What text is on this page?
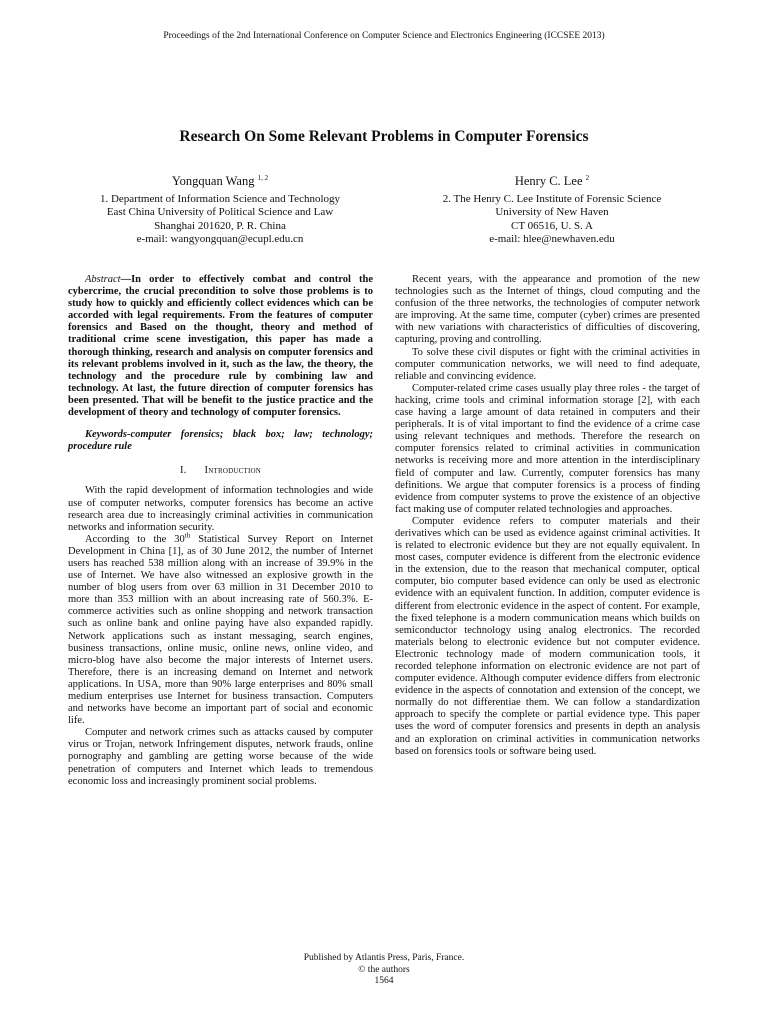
Proceedings of the 2nd International Conference on Computer Science and Electronics Engineering (ICCSEE 2013)
Research On Some Relevant Problems in Computer Forensics
Yongquan Wang $^{1, 2}$
1. Department of Information Science and Technology
East China University of Political Science and Law
Shanghai 201620, P. R. China
e-mail: wangyongquan@ecupl.edu.cn
Henry C. Lee $^2$
2. The Henry C. Lee Institute of Forensic Science
University of New Haven
CT 06516, U. S. A
e-mail: hlee@newhaven.edu

Abstract—In order to effectively combat and control the cybercrime, the crucial precondition to solve those problems is to study how to quickly and efficiently collect evidences which can be accorded with legal requirements. From the features of computer forensics and Based on the thought, theory and method of traditional crime scene investigation, this paper has made a thorough thinking, research and analysis on computer forensics and its relevant problems involved in it, such as the law, the theory, the technology and the procedure rule by combining law and technology. At last, the future direction of computer forensics has been presented. That will be benefit to the justice practice and the development of theory and technology of computer forensics.

Keywords-computer forensics; black box; law; technology; procedure rule

I. Introduction

With the rapid development of information technologies and wide use of computer networks, computer forensics has become an active research area due to increasingly criminal activities in communication networks and information security.

According to the 30th Statistical Survey Report on Internet Development in China [1], as of 30 June 2012, the number of Internet users has reached 538 million along with an increase of 39.9% in the use of Internet. We have also witnessed an explosive growth in the number of blog users from over 63 million in 31 December 2010 to more than 353 million with an about increasing rate of 560.3%. E-commerce activities such as online shopping and network transaction such as online bank and online paying have also expanded rapidly. Network applications such as instant messaging, search engines, business transactions, online music, online news, online video, and micro-blog have also become the major interests of Internet users. Therefore, there is an increasing demand on Internet and network applications. In USA, more than 90% large enterprises and 80% small medium enterprises use Internet for business transaction. Computers and networks have become an important part of social and economic life.

Computer and network crimes such as attacks caused by computer virus or Trojan, network Infringement disputes, network frauds, online pornography and gambling are getting worse because of the wide penetration of computers and Internet which leads to tremendous economic loss and increasingly prominent social problems.

Recent years, with the appearance and promotion of the new technologies such as the Internet of things, cloud computing and the confusion of the three networks, the technologies of computer network are improving. At the same time, computer (cyber) crimes are presented with new variations with characteristics of difficulties of discovering, capturing, proving and controlling.

To solve these civil disputes or fight with the criminal activities in computer communication networks, we will need to find adequate, reliable and convincing evidence.

Computer-related crime cases usually play three roles - the target of hacking, crime tools and criminal information storage [2], with each case having a large amount of data retained in computers and their peripherals. It is of vital important to find the evidence of a crime case using relevant techniques and methods. Therefore the research on computer forensics related to criminal activities in communication networks is receiving more and more attention in the interdisciplinary field of computer and law. Currently, computer forensics has many definitions. We argue that computer forensics is a process of finding evidence from computer systems to prove the existence of an objective fact making use of computer related technologies and approaches.

Computer evidence refers to computer materials and their derivatives which can be used as evidence against criminal activities. It is related to electronic evidence but they are not equally equivalent. In most cases, computer evidence is different from the electronic evidence in the extension, due to the reason that mechanical computer, optical computer, bio computer based evidence can only be used as electronic evidence with an equivalent function. In addition, computer evidence is different from electronic evidence in the aspect of content. For example, the fixed telephone is a modern communication means which builds on semiconductor technology using analog electronics. The recorded materials belong to electronic evidence but not computer evidence. Electronic technology made of modern communication tools, it recorded telephone information on electronic evidence are not part of computer evidence. Although computer evidence differs from electronic evidence in the aspects of connotation and extension of the concept, we normally do not differentiae them. We can follow a standardization approach to specify the complete or partial evidence type. This paper uses the word of computer forensics and presents in depth an analysis and an exploration on criminal activities in communication networks based on forensics tools or software being used.

Published by Atlantis Press, Paris, France.
© the authors
1564
